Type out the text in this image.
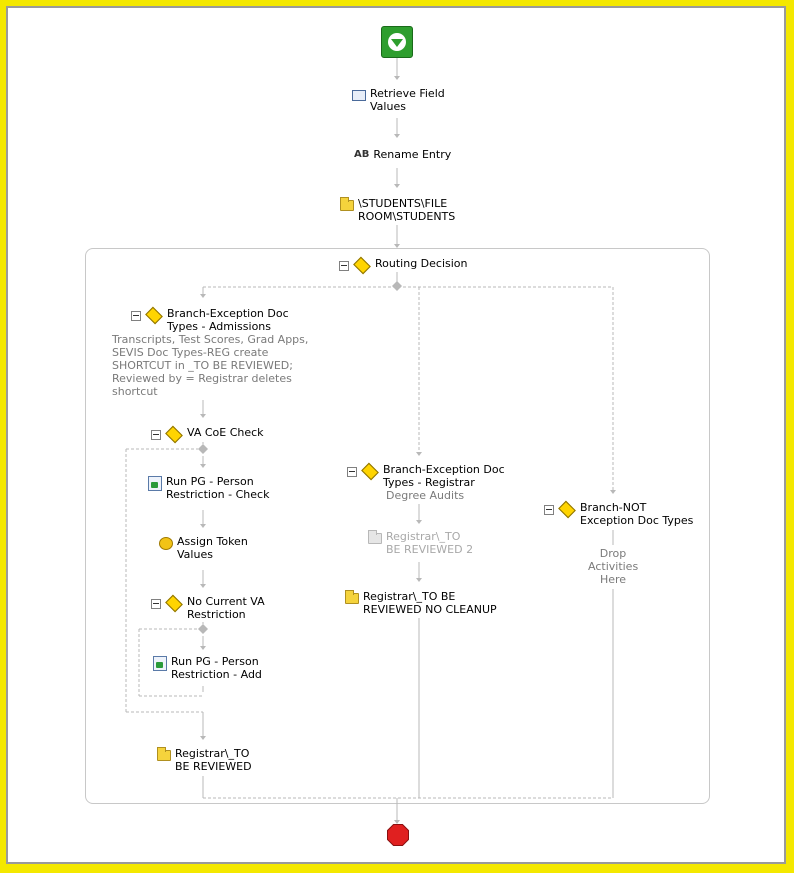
Retrieve Field
Values
AB Rename Entry
\STUDENTS\FILE
ROOM\STUDENTS
Routing Decision
Branch-Exception Doc
Types - Admissions
Transcripts, Test Scores, Grad Apps,
SEVIS Doc Types-REG create
SHORTCUT in _TO BE REVIEWED;
Reviewed by = Registrar deletes
shortcut
VA CoE Check
Run PG - Person
Restriction - Check
Assign Token
Values
No Current VA
Restriction
Run PG - Person
Restriction - Add
Registrar\_TO
BE REVIEWED
Branch-Exception Doc
Types - Registrar
Degree Audits
Registrar\_TO
BE REVIEWED 2
Registrar\_TO BE
REVIEWED NO CLEANUP
Branch-NOT
Exception Doc Types
Drop
Activities
Here
